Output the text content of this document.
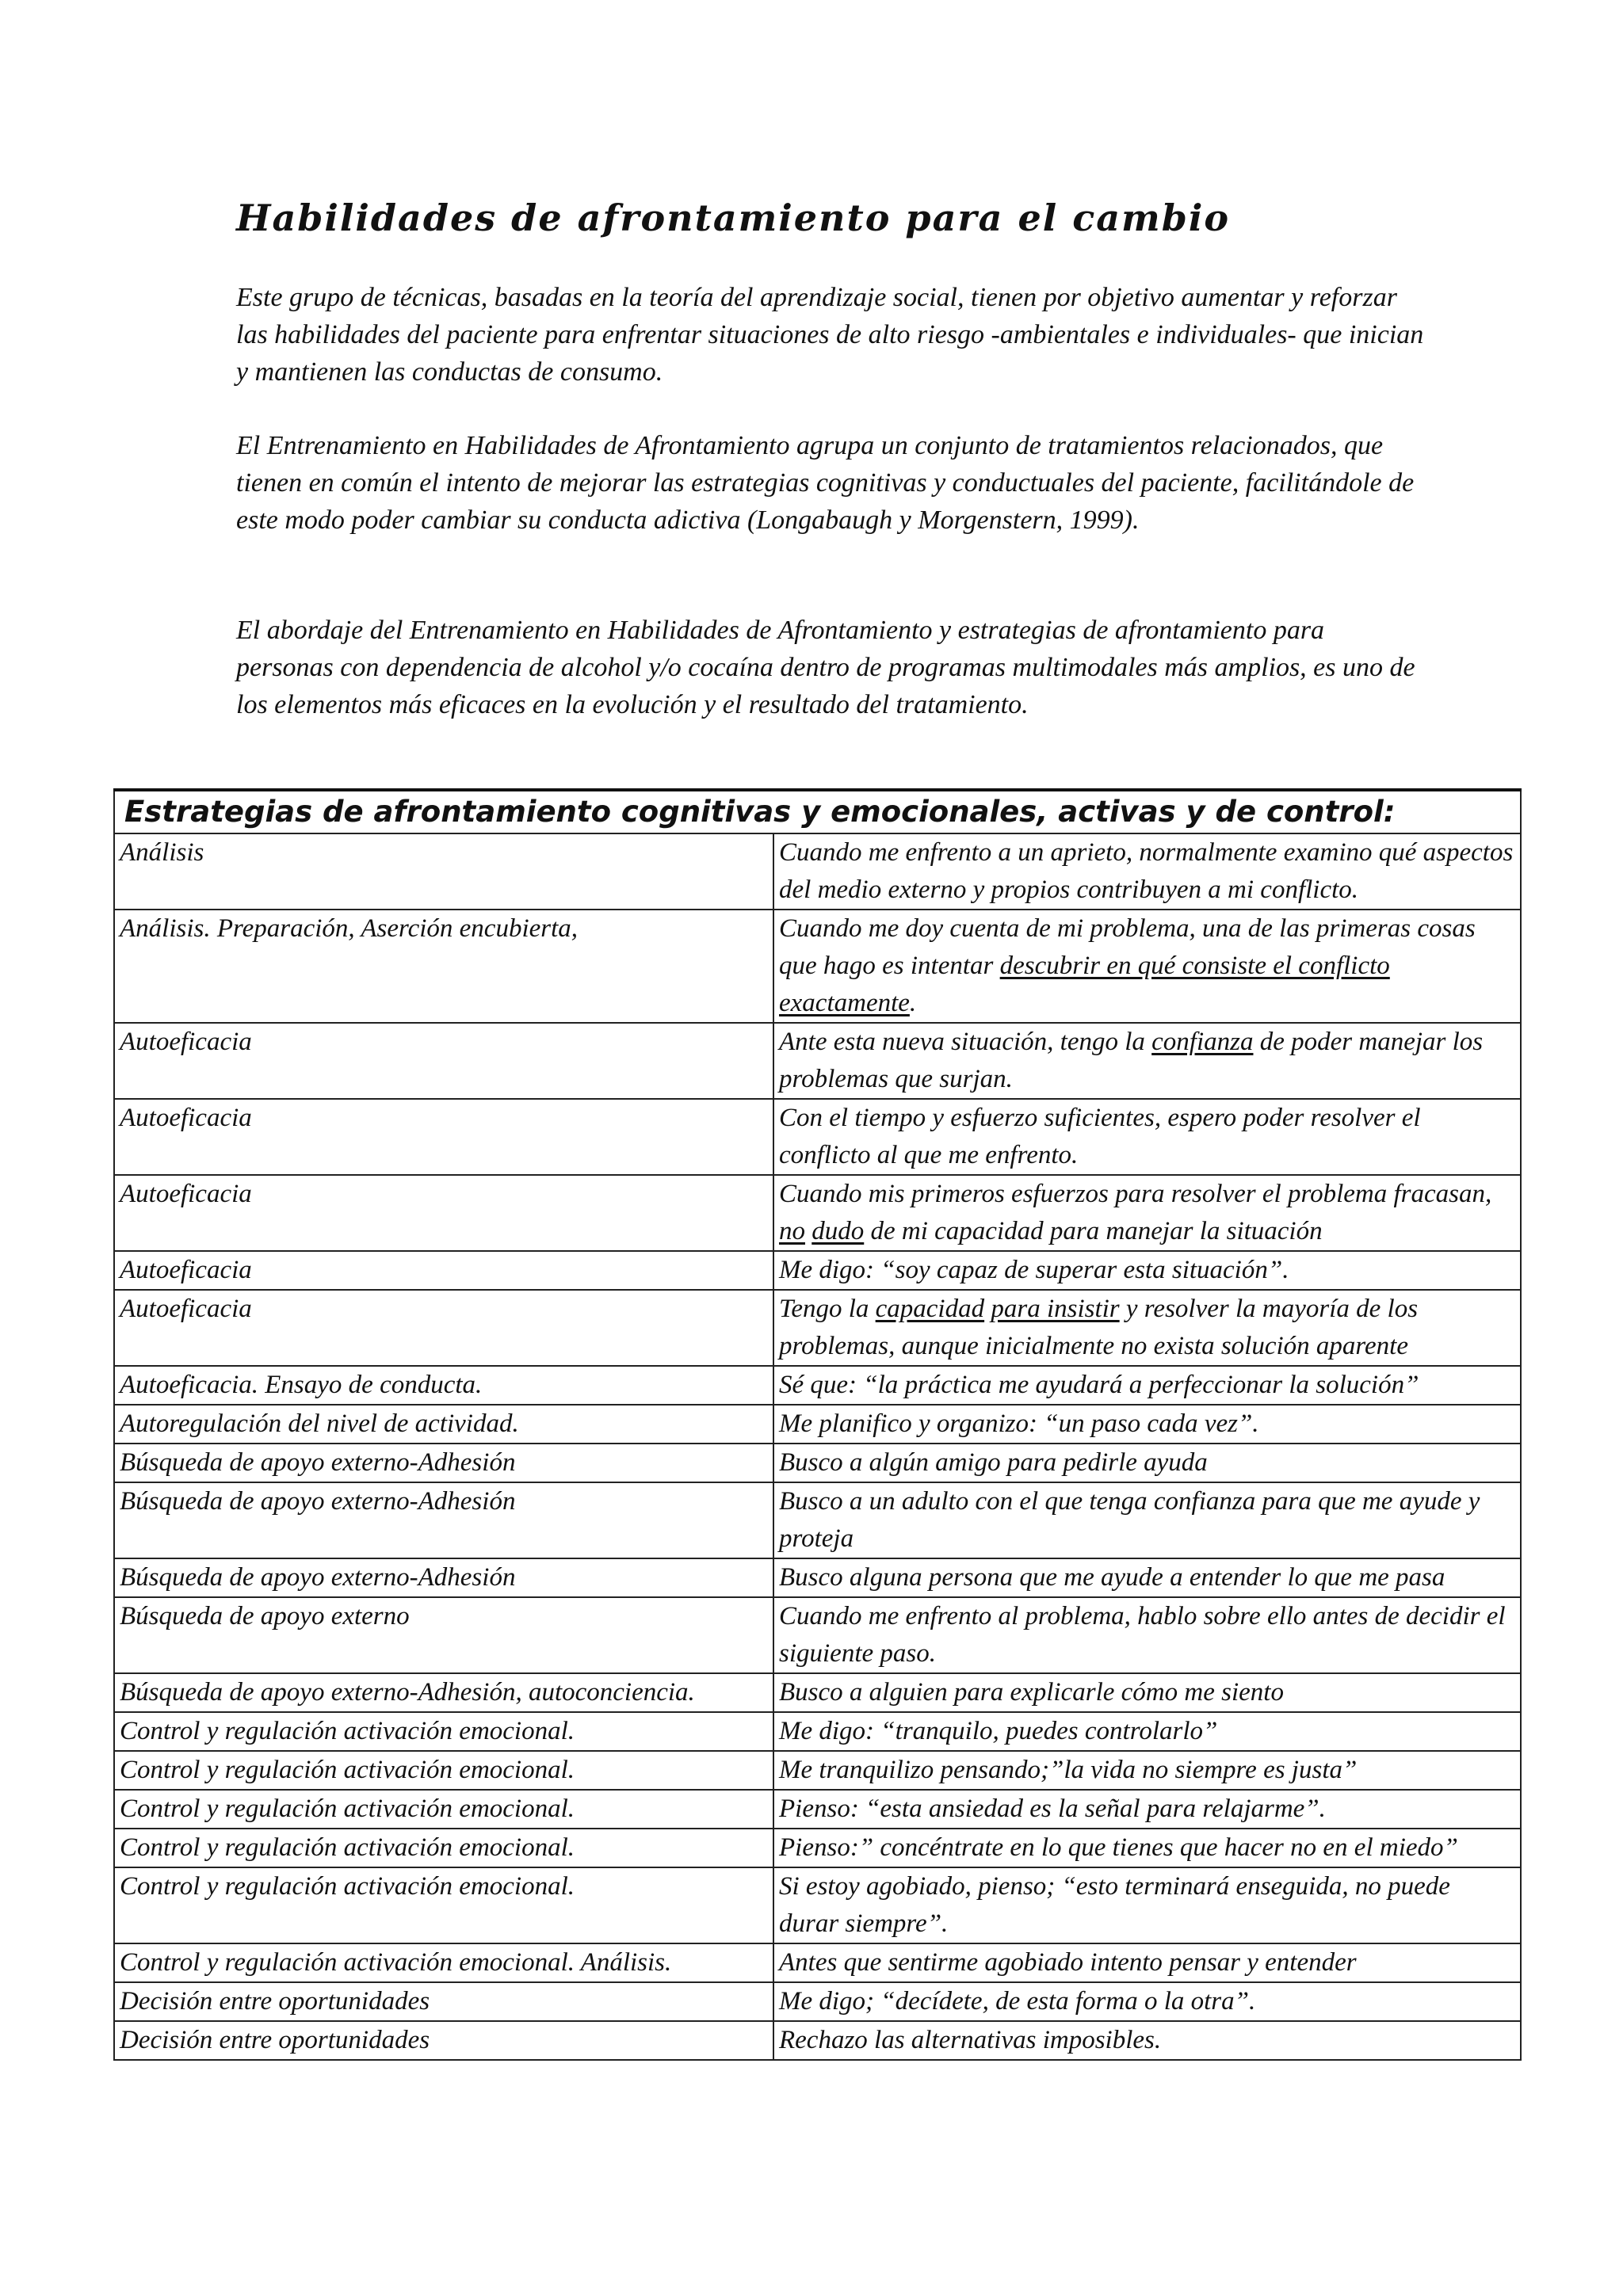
Habilidades de afrontamiento para el cambio

Este grupo de técnicas, basadas en la teoría del aprendizaje social, tienen por objetivo aumentar y reforzar las habilidades del paciente para enfrentar situaciones de alto riesgo -ambientales e individuales- que inician y mantienen las conductas de consumo.

El Entrenamiento en Habilidades de Afrontamiento agrupa un conjunto de tratamientos relacionados, que tienen en común el intento de mejorar las estrategias cognitivas y conductuales del paciente, facilitándole de este modo poder cambiar su conducta adictiva (Longabaugh y Morgenstern, 1999).

El abordaje del Entrenamiento en Habilidades de Afrontamiento y estrategias de afrontamiento para personas con dependencia de alcohol y/o cocaína dentro de programas multimodales más amplios, es uno de los elementos más eficaces en la evolución y el resultado del tratamiento.

Estrategias de afrontamiento cognitivas y emocionales, activas y de control:	
Análisis	Cuando me enfrento a un aprieto, normalmente examino qué aspectos del medio externo y propios contribuyen a mi conflicto.
Análisis. Preparación, Aserción encubierta,	Cuando me doy cuenta de mi problema, una de las primeras cosas que hago es intentar descubrir en qué consiste el conflicto exactamente.
Autoeficacia	Ante esta nueva situación, tengo la confianza de poder manejar los problemas que surjan.
Autoeficacia	Con el tiempo y esfuerzo suficientes, espero poder resolver el conflicto al que me enfrento.
Autoeficacia	Cuando mis primeros esfuerzos para resolver el problema fracasan, no dudo de mi capacidad para manejar la situación
Autoeficacia	Me digo: “soy capaz de superar esta situación”.
Autoeficacia	Tengo la capacidad para insistir y resolver la mayoría de los problemas, aunque inicialmente no exista solución aparente
Autoeficacia. Ensayo de conducta.	Sé que: “la práctica me ayudará a perfeccionar la solución”
Autoregulación del nivel de actividad.	Me planifico y organizo: “un paso cada vez”.
Búsqueda de apoyo externo-Adhesión	Busco a algún amigo para pedirle ayuda
Búsqueda de apoyo externo-Adhesión	Busco a un adulto con el que tenga confianza para que me ayude y proteja
Búsqueda de apoyo externo-Adhesión	Busco alguna persona que me ayude a entender lo que me pasa
Búsqueda de apoyo externo	Cuando me enfrento al problema, hablo sobre ello antes de decidir el siguiente paso.
Búsqueda de apoyo externo-Adhesión, autoconciencia.	Busco a alguien para explicarle cómo me siento
Control y regulación activación emocional.	Me digo: “tranquilo, puedes controlarlo”
Control y regulación activación emocional.	Me tranquilizo pensando;”la vida no siempre es justa”
Control y regulación activación emocional.	Pienso: “esta ansiedad es la señal para relajarme”.
Control y regulación activación emocional.	Pienso:” concéntrate en lo que tienes que hacer no en el miedo”
Control y regulación activación emocional.	Si estoy agobiado, pienso; “esto terminará enseguida, no puede durar siempre”.
Control y regulación activación emocional. Análisis.	Antes que sentirme agobiado intento pensar y entender
Decisión entre oportunidades	Me digo; “decídete, de esta forma o la otra”.
Decisión entre oportunidades	Rechazo las alternativas imposibles.
